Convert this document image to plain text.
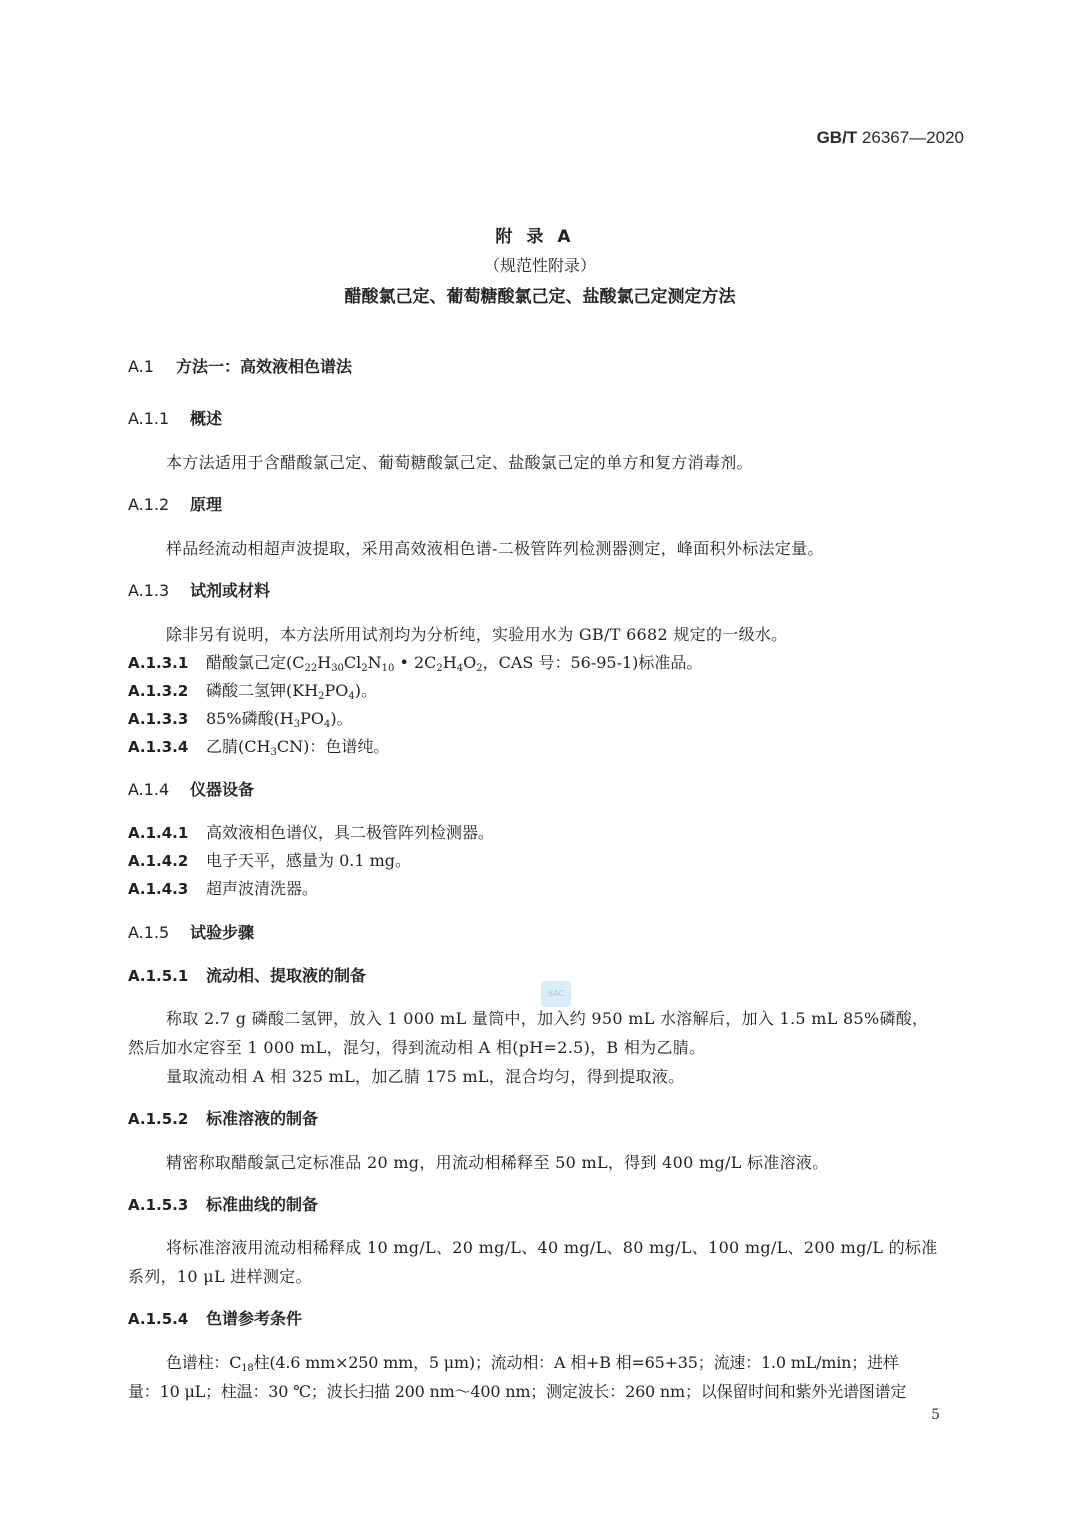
GB/T 26367—2020
附录A
（规范性附录）
醋酸氯己定、葡萄糖酸氯己定、盐酸氯己定测定方法
A.1 方法一：高效液相色谱法
A.1.1 概述
本方法适用于含醋酸氯己定、葡萄糖酸氯己定、盐酸氯己定的单方和复方消毒剂。
A.1.2 原理
样品经流动相超声波提取，采用高效液相色谱-二极管阵列检测器测定，峰面积外标法定量。
A.1.3 试剂或材料
除非另有说明，本方法所用试剂均为分析纯，实验用水为 GB/T 6682 规定的一级水。
A.1.3.1 醋酸氯己定($C_{22}H_{30}Cl_2N_{10}$ • $2C_2H_4O_2$，CAS 号：56-95-1)标准品。
A.1.3.2 磷酸二氢钾$(KH_2PO_4)$。
A.1.3.3 85%磷酸$(H_3PO_4)$。
A.1.3.4 乙腈$(CH_3CN)$：色谱纯。
A.1.4 仪器设备
A.1.4.1 高效液相色谱仪，具二极管阵列检测器。
A.1.4.2 电子天平，感量为 0.1 mg。
A.1.4.3 超声波清洗器。
A.1.5 试验步骤
A.1.5.1 流动相、提取液的制备
称取 2.7 g 磷酸二氢钾，放入 1 000 mL 量筒中，加入约 950 mL 水溶解后，加入 1.5 mL 85%磷酸，
然后加水定容至 1 000 mL，混匀，得到流动相 A 相(pH=2.5)，B 相为乙腈。
量取流动相 A 相 325 mL，加乙腈 175 mL，混合均匀，得到提取液。
A.1.5.2 标准溶液的制备
精密称取醋酸氯己定标准品 20 mg，用流动相稀释至 50 mL，得到 400 mg/L 标准溶液。
A.1.5.3 标准曲线的制备
将标准溶液用流动相稀释成 10 mg/L、20 mg/L、40 mg/L、80 mg/L、100 mg/L、200 mg/L 的标准
系列，10 μL 进样测定。
A.1.5.4 色谱参考条件
色谱柱：$C_{18}$柱(4.6 mm×250 mm，5 μm)；流动相：A 相+B 相=65+35；流速：1.0 mL/min；进样
量：10 μL；柱温：30 ℃；波长扫描 200 nm～400 nm；测定波长：260 nm；以保留时间和紫外光谱图谱定
5
SAC
